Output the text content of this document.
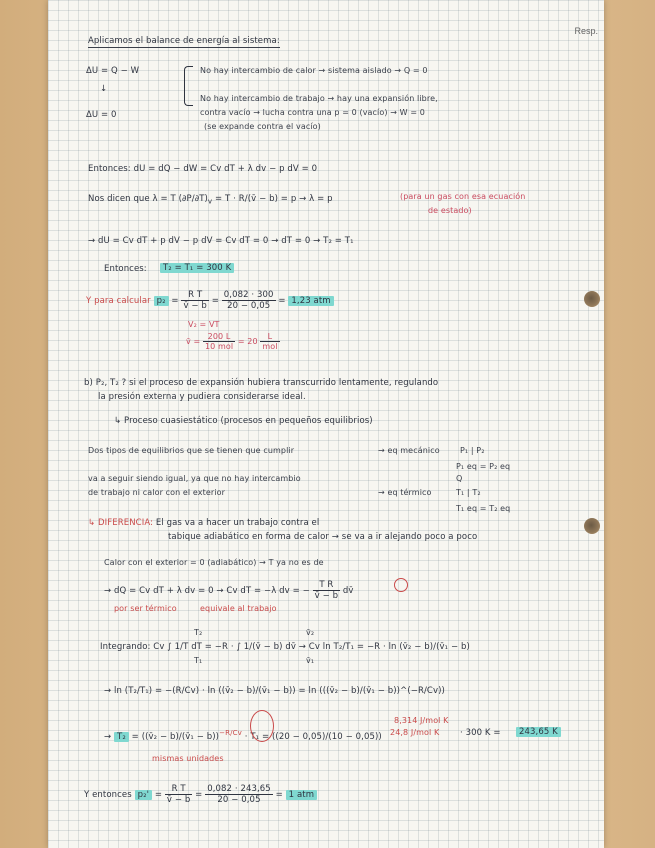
Resp.
Aplicamos el balance de energía al sistema:
ΔU = Q − W	No hay intercambio de calor → sistema aislado → Q = 0
↓
No hay intercambio de trabajo → hay una expansión libre,
ΔU = 0	contra vacío → lucha contra una p = 0 (vacío) → W = 0
(se expande contra el vacío)
Entonces: dU = dQ − dW = Cv dT + λ dv − p dV = 0
Nos dicen que λ = T $(\partial P/\partial T)_v = T$ · R/(v̄ − b) = p → λ = p	(para un gas con esa ecuación
de estado)
→ dU = Cv dT + p dV − p dV = Cv dT = 0 → dT = 0 → T₂ = T₁
Entonces:	T₂ = T₁ = 300 K
Y para calcular $p_2 = \frac{\text{R T}}{v̄ - b} = \frac{0,082 \cdot 300}{20 - 0,05} = 1,23$ atm
V₂ = VT
v̄ = $\frac{200 L}{\text{10 mol}} = 20 \frac{L}{\text{mol}}$
b) P₂, T₂ ? si el proceso de expansión hubiera transcurrido lentamente, regulando
la presión externa y pudiera considerarse ideal.
↳ Proceso cuasiestático (procesos en pequeños equilibrios)
Dos tipos de equilibrios que se tienen que cumplir	→ eq mecánico	P₁ | P₂
P₁ eq = P₂ eq
va a seguir siendo igual, ya que no hay intercambio	Q
de trabajo ni calor con el exterior	→ eq térmico	T₁ | T₂
T₁ eq = T₂ eq
↳ DIFERENCIA: El gas va a hacer un trabajo contra el
tabique adiabático en forma de calor → se va a ir alejando poco a poco
Calor con el exterior = 0 (adiabático) → T ya no es de
→ dQ = Cv dT + λ dv = 0 → Cv dT = −λ dv = − $\frac{\text{T R}}{v̄ - b}$ dv̄
por ser térmico	equivale al trabajo
Integrando: Cv ∫ 1/T dT = −R · ∫ 1/(v̄ − b) dv̄ → Cv ln T₂/T₁ = −R · ln (v̄₂ − b)/(v̄₁ − b)
T₂
T₁
v̄₂
v̄₁
→ ln (T₂/T₁) = −(R/Cv) · ln ((v̄₂ − b)/(v̄₁ − b)) = ln (((v̄₂ − b)/(v̄₁ − b))^(−R/Cv))
→ T₂ = ((v̄₂ − b)/(v̄₁ − b))$^{-R/Cv}$ · T₁ = ((20 − 0,05)/(10 − 0,05))
8,314 J/mol K
24,8 J/mol K · 300 K =	243,65 K
mismas unidades
Y entonces $p_2' = \frac{\text{R T}}{v̄ - b} = \frac{0,082 \cdot 243,65}{20 - 0,05} = 1$ atm
